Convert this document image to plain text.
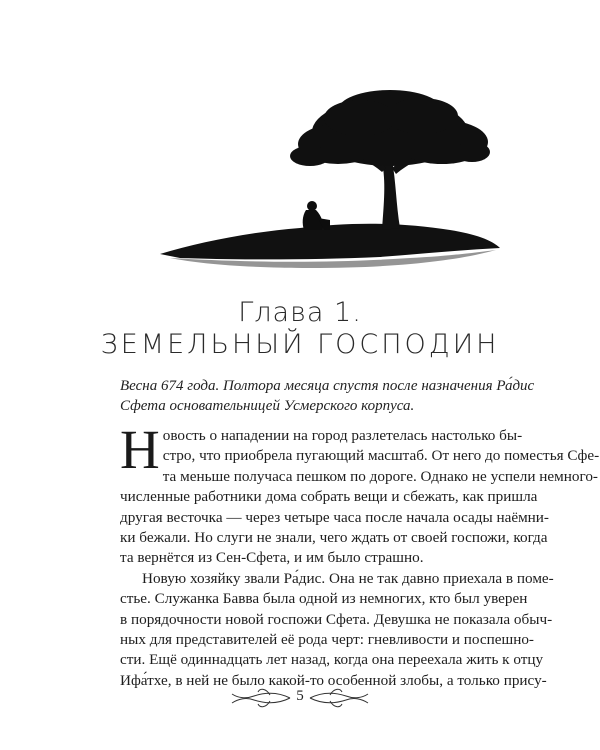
Глава 1.
ЗЕМЕЛЬНЫЙ ГОСПОДИН
Весна 674 года. Полтора месяца спустя после назначения Ра́дис
Сфета основательницей Усмерского корпуса.
Н овость о нападении на город разлетелась настолько бы-
стро, что приобрела пугающий масштаб. От него до поместья Сфе-
та меньше получаса пешком по дороге. Однако не успели немного-
численные работники дома собрать вещи и сбежать, как пришла
другая весточка — через четыре часа после начала осады наёмни-
ки бежали. Но слуги не знали, чего ждать от своей госпожи, когда
та вернётся из Сен-Сфета, и им было страшно.
Новую хозяйку звали Ра́дис. Она не так давно приехала в поме-
стье. Служанка Бавва была одной из немногих, кто был уверен
в порядочности новой госпожи Сфета. Девушка не показала обыч-
ных для представителей её рода черт: гневливости и поспешно-
сти. Ещё одиннадцать лет назад, когда она переехала жить к отцу
Ифа́тхе, в ней не было какой-то особенной злобы, а только прису-
5
